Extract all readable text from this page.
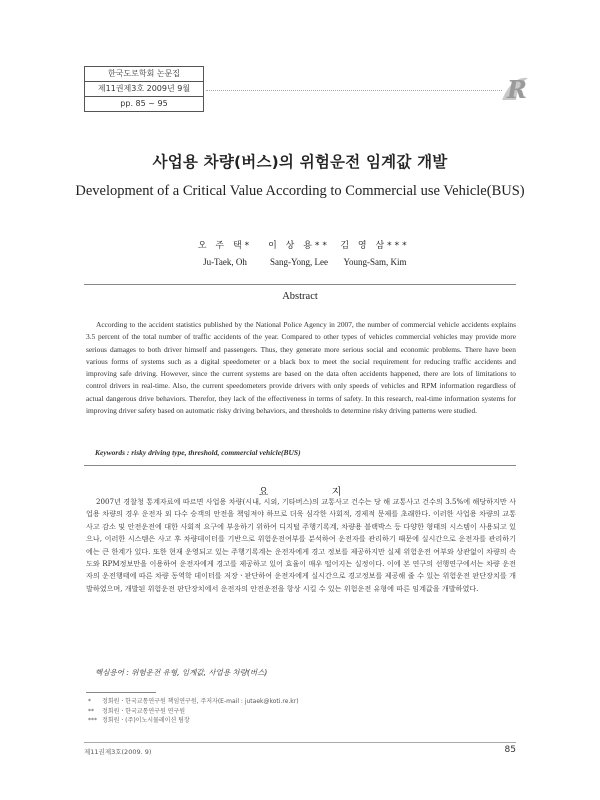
한국도로학회 논문집
제11권제3호 2009년 9월
pp. 85 ~ 95	R
사업용 차량(버스)의 위험운전 임계값 개발
Development of a Critical Value According to Commercial use Vehicle(BUS)
오 주 택*
Ju-Taek, Oh
이 상 용**
Sang-Yong, Lee
김 영 삼***
Young-Sam, Kim
Abstract

According to the accident statistics published by the National Police Agency in 2007, the number of commercial vehicle accidents explains 3.5 percent of the total number of traffic accidents of the year. Compared to other types of vehicles commercial vehicles may provide more serious damages to both driver himself and passengers. Thus, they generate more serious social and economic problems. There have been various forms of systems such as a digital speedometer or a black box to meet the social requirement for reducing traffic accidents and improving safe driving. However, since the current systems are based on the data often accidents happened, there are lots of limitations to control drivers in real-time. Also, the current speedometers provide drivers with only speeds of vehicles and RPM information regardless of actual dangerous drive behaviors. Therefor, they lack of the effectiveness in terms of safety. In this research, real-time information systems for improving driver safety based on automatic risky driving behaviors, and thresholds to determine risky driving patterns were studied.

Keywords : risky driving type, threshold, commercial vehicle(BUS)
요 지

2007년 경찰청 통계자료에 따르면 사업용 차량(시내, 시외, 기타버스)의 교통사고 건수는 당 해 교통사고 건수의 3.5%에 해당하지만 사업용 차량의 경우 운전자 외 다수 승객의 안전을 책임져야 하므로 더욱 심각한 사회적, 경제적 문제를 초래한다. 이러한 사업용 차량의 교통사고 감소 및 안전운전에 대한 사회적 요구에 부응하기 위하여 디지털 주행기록계, 차량용 블랙박스 등 다양한 형태의 시스템이 사용되고 있으나, 이러한 시스템은 사고 후 차량데이터를 기반으로 위험운전여부를 분석하여 운전자를 관리하기 때문에 실시간으로 운전자를 관리하기에는 큰 한계가 있다. 또한 현재 운영되고 있는 주행기록계는 운전자에게 경고 정보를 제공하지만 실제 위험운전 여부와 상관없이 차량의 속도와 RPM정보만을 이용하여 운전자에게 경고를 제공하고 있어 효율이 매우 떨어지는 실정이다. 이에 본 연구의 선행연구에서는 차량 운전자의 운전행태에 따른 차량 동역학 데이터를 저장ㆍ판단하여 운전자에게 실시간으로 경고정보를 제공해 줄 수 있는 위험운전 판단장치를 개발하였으며, 개발된 위험운전 판단장치에서 운전자의 안전운전을 항상 시킬 수 있는 위험운전 유형에 따른 임계값을 개발하였다.

핵심용어 : 위험운전 유형, 임계값, 사업용 차량(버스)
* 정회원ㆍ한국교통연구원 책임연구원, 주저자(E-mail : jutaek@koti.re.kr)
** 정회원ㆍ한국교통연구원 연구원
*** 정회원ㆍ(주)이노시뮬레이션 팀장
제11권제3호(2009. 9)	85
